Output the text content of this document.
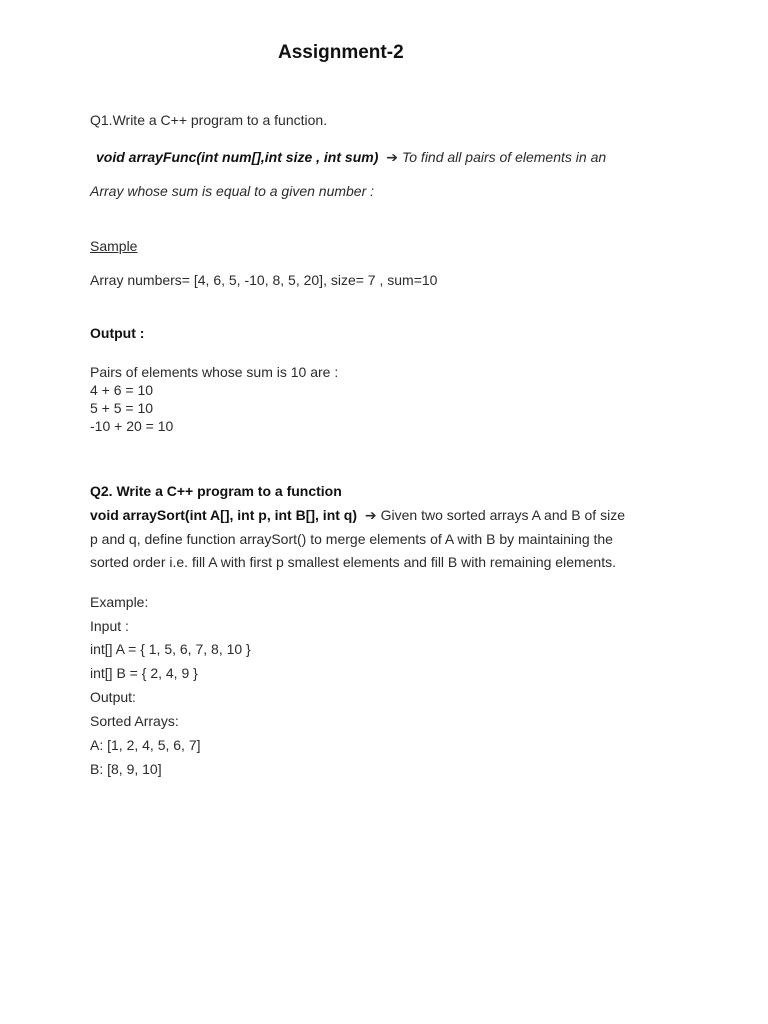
Assignment-2
Q1.Write a C++ program to a function.
void arrayFunc(int num[],int size , int sum) ➔ To find all pairs of elements in an
Array whose sum is equal to a given number :
Sample
Array numbers= [4, 6, 5, -10, 8, 5, 20], size= 7 , sum=10
Output :
Pairs of elements whose sum is 10 are :
4 + 6 = 10
5 + 5 = 10
-10 + 20 = 10
Q2. Write a C++ program to a function
void arraySort(int A[], int p, int B[], int q) ➔ Given two sorted arrays A and B of size
p and q, define function arraySort() to merge elements of A with B by maintaining the
sorted order i.e. fill A with first p smallest elements and fill B with remaining elements.
Example:
Input :
int[] A = { 1, 5, 6, 7, 8, 10 }
int[] B = { 2, 4, 9 }
Output:
Sorted Arrays:
A: [1, 2, 4, 5, 6, 7]
B: [8, 9, 10]
